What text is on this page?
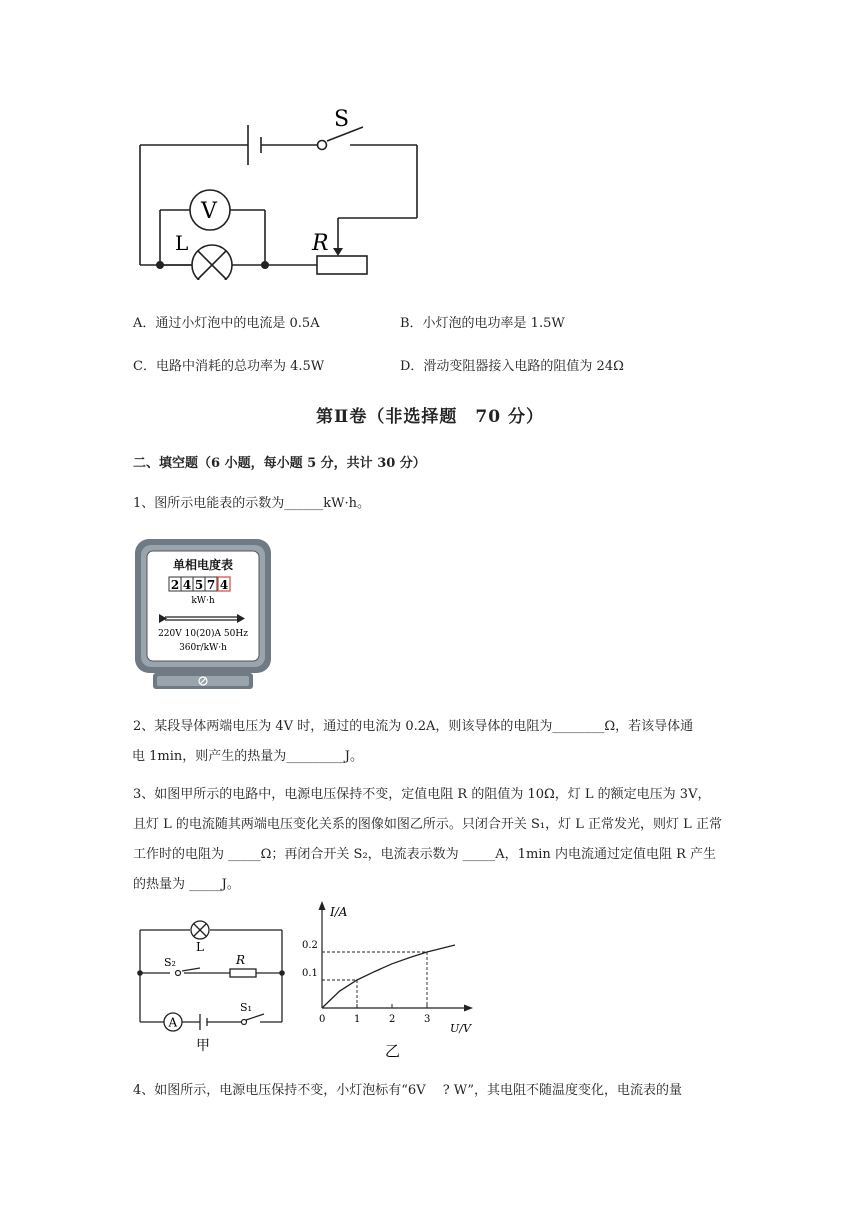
S
V
L	R
A．通过小灯泡中的电流是 0.5A	B．小灯泡的电功率是 1.5W
C．电路中消耗的总功率为 4.5W	D．滑动变阻器接入电路的阻值为 24Ω
第Ⅱ卷（非选择题　70 分）
二、填空题（6 小题，每小题 5 分，共计 30 分）
1、图所示电能表的示数为______kW·h。
单相电度表
2 4 5 7 4
kW·h
220V 10(20)A 50Hz
360r/kW·h
2、某段导体两端电压为 4V 时，通过的电流为 0.2A，则该导体的电阻为________Ω，若该导体通
电 1min，则产生的热量为_________J。
3、如图甲所示的电路中，电源电压保持不变，定值电阻 R 的阻值为 10Ω，灯 L 的额定电压为 3V，
且灯 L 的电流随其两端电压变化关系的图像如图乙所示。只闭合开关 S₁，灯 L 正常发光，则灯 L 正常
工作时的电阻为 _____Ω；再闭合开关 S₂，电流表示数为 _____A，1min 内电流通过定值电阻 R 产生
的热量为 _____J。
L
S₂	R
S₁
A
甲
I/A
U/V
0	1	2	3
0.1
0.2
乙
4、如图所示，电源电压保持不变，小灯泡标有“6V　 ? W”，其电阻不随温度变化，电流表的量
